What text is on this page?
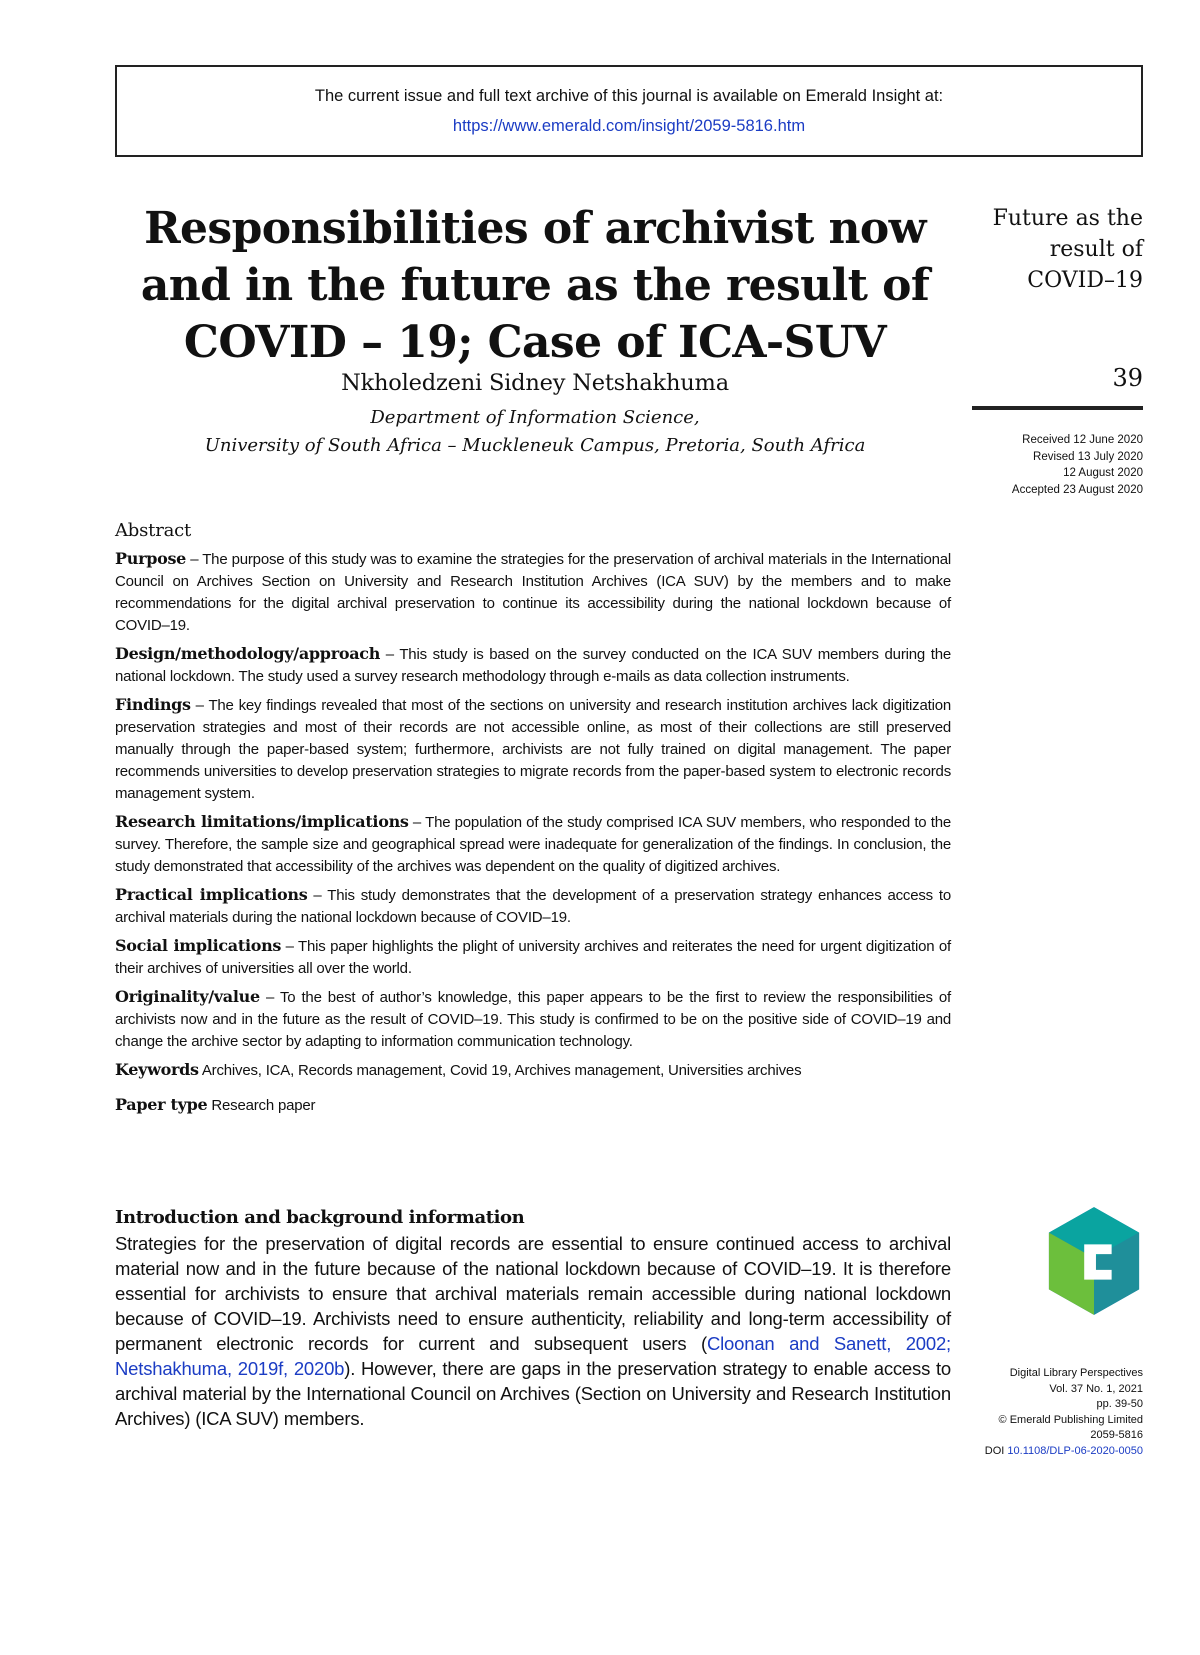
The current issue and full text archive of this journal is available on Emerald Insight at:
https://www.emerald.com/insight/2059-5816.htm
Responsibilities of archivist now and in the future as the result of COVID – 19; Case of ICA-SUV
Nkholedzeni Sidney Netshakhuma
Department of Information Science,
University of South Africa – Muckleneuk Campus, Pretoria, South Africa
Future as the
result of
COVID–19
39
Received 12 June 2020
Revised 13 July 2020
12 August 2020
Accepted 23 August 2020
Abstract

Purpose – The purpose of this study was to examine the strategies for the preservation of archival materials in the International Council on Archives Section on University and Research Institution Archives (ICA SUV) by the members and to make recommendations for the digital archival preservation to continue its accessibility during the national lockdown because of COVID–19.

Design/methodology/approach – This study is based on the survey conducted on the ICA SUV members during the national lockdown. The study used a survey research methodology through e-mails as data collection instruments.

Findings – The key findings revealed that most of the sections on university and research institution archives lack digitization preservation strategies and most of their records are not accessible online, as most of their collections are still preserved manually through the paper-based system; furthermore, archivists are not fully trained on digital management. The paper recommends universities to develop preservation strategies to migrate records from the paper-based system to electronic records management system.

Research limitations/implications – The population of the study comprised ICA SUV members, who responded to the survey. Therefore, the sample size and geographical spread were inadequate for generalization of the findings. In conclusion, the study demonstrated that accessibility of the archives was dependent on the quality of digitized archives.

Practical implications – This study demonstrates that the development of a preservation strategy enhances access to archival materials during the national lockdown because of COVID–19.

Social implications – This paper highlights the plight of university archives and reiterates the need for urgent digitization of their archives of universities all over the world.

Originality/value – To the best of author’s knowledge, this paper appears to be the first to review the responsibilities of archivists now and in the future as the result of COVID–19. This study is confirmed to be on the positive side of COVID–19 and change the archive sector by adapting to information communication technology.

Keywords Archives, ICA, Records management, Covid 19, Archives management, Universities archives

Paper type Research paper

Introduction and background information

Strategies for the preservation of digital records are essential to ensure continued access to archival material now and in the future because of the national lockdown because of COVID–19. It is therefore essential for archivists to ensure that archival materials remain accessible during national lockdown because of COVID–19. Archivists need to ensure authenticity, reliability and long-term accessibility of permanent electronic records for current and subsequent users (Cloonan and Sanett, 2002; Netshakhuma, 2019f, 2020b). However, there are gaps in the preservation strategy to enable access to archival material by the International Council on Archives (Section on University and Research Institution Archives) (ICA SUV) members.

Digital Library Perspectives
Vol. 37 No. 1, 2021
pp. 39-50
© Emerald Publishing Limited
2059-5816
DOI 10.1108/DLP-06-2020-0050
